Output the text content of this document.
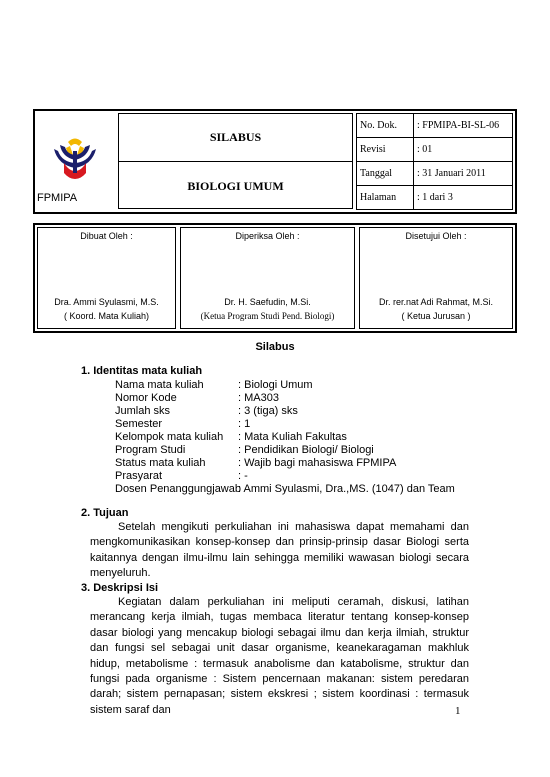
FPMIPA
SILABUS
BIOLOGI UMUM
No. Dok.	: FPMIPA-BI-SL-06
Revisi	: 01
Tanggal	: 31 Januari 2011
Halaman	: 1 dari 3
Dibuat Oleh :
Dra. Ammi Syulasmi, M.S.
( Koord. Mata Kuliah)
Diperiksa Oleh :
Dr. H. Saefudin, M.Si.
(Ketua Program Studi Pend. Biologi)
Disetujui Oleh :
Dr. rer.nat Adi Rahmat, M.Si.
( Ketua Jurusan )
Silabus
1. Identitas mata kuliah
Nama mata kuliah	: Biologi Umum
Nomor Kode	: MA303
Jumlah sks	: 3 (tiga) sks
Semester	: 1
Kelompok mata kuliah	: Mata Kuliah Fakultas
Program Studi	: Pendidikan Biologi/ Biologi
Status mata kuliah	: Wajib bagi mahasiswa FPMIPA
Prasyarat	: -
Dosen Penanggungjawab
: Ammi Syulasmi, Dra.,MS. (1047) dan Team
2. Tujuan

Setelah mengikuti perkuliahan ini mahasiswa dapat memahami dan mengkomunikasikan konsep-konsep dan prinsip-prinsip dasar Biologi serta kaitannya dengan ilmu-ilmu lain sehingga memiliki wawasan biologi secara menyeluruh.

3. Deskripsi Isi

Kegiatan dalam perkuliahan ini meliputi ceramah, diskusi, latihan merancang kerja ilmiah, tugas membaca literatur tentang konsep-konsep dasar biologi yang mencakup biologi sebagai ilmu dan kerja ilmiah, struktur dan fungsi sel sebagai unit dasar organisme, keanekaragaman makhluk hidup, metabolisme : termasuk anabolisme dan katabolisme, struktur dan fungsi pada organisme : Sistem pencernaan makanan: sistem peredaran darah; sistem pernapasan; sistem ekskresi ; sistem koordinasi : termasuk sistem saraf dan	1
